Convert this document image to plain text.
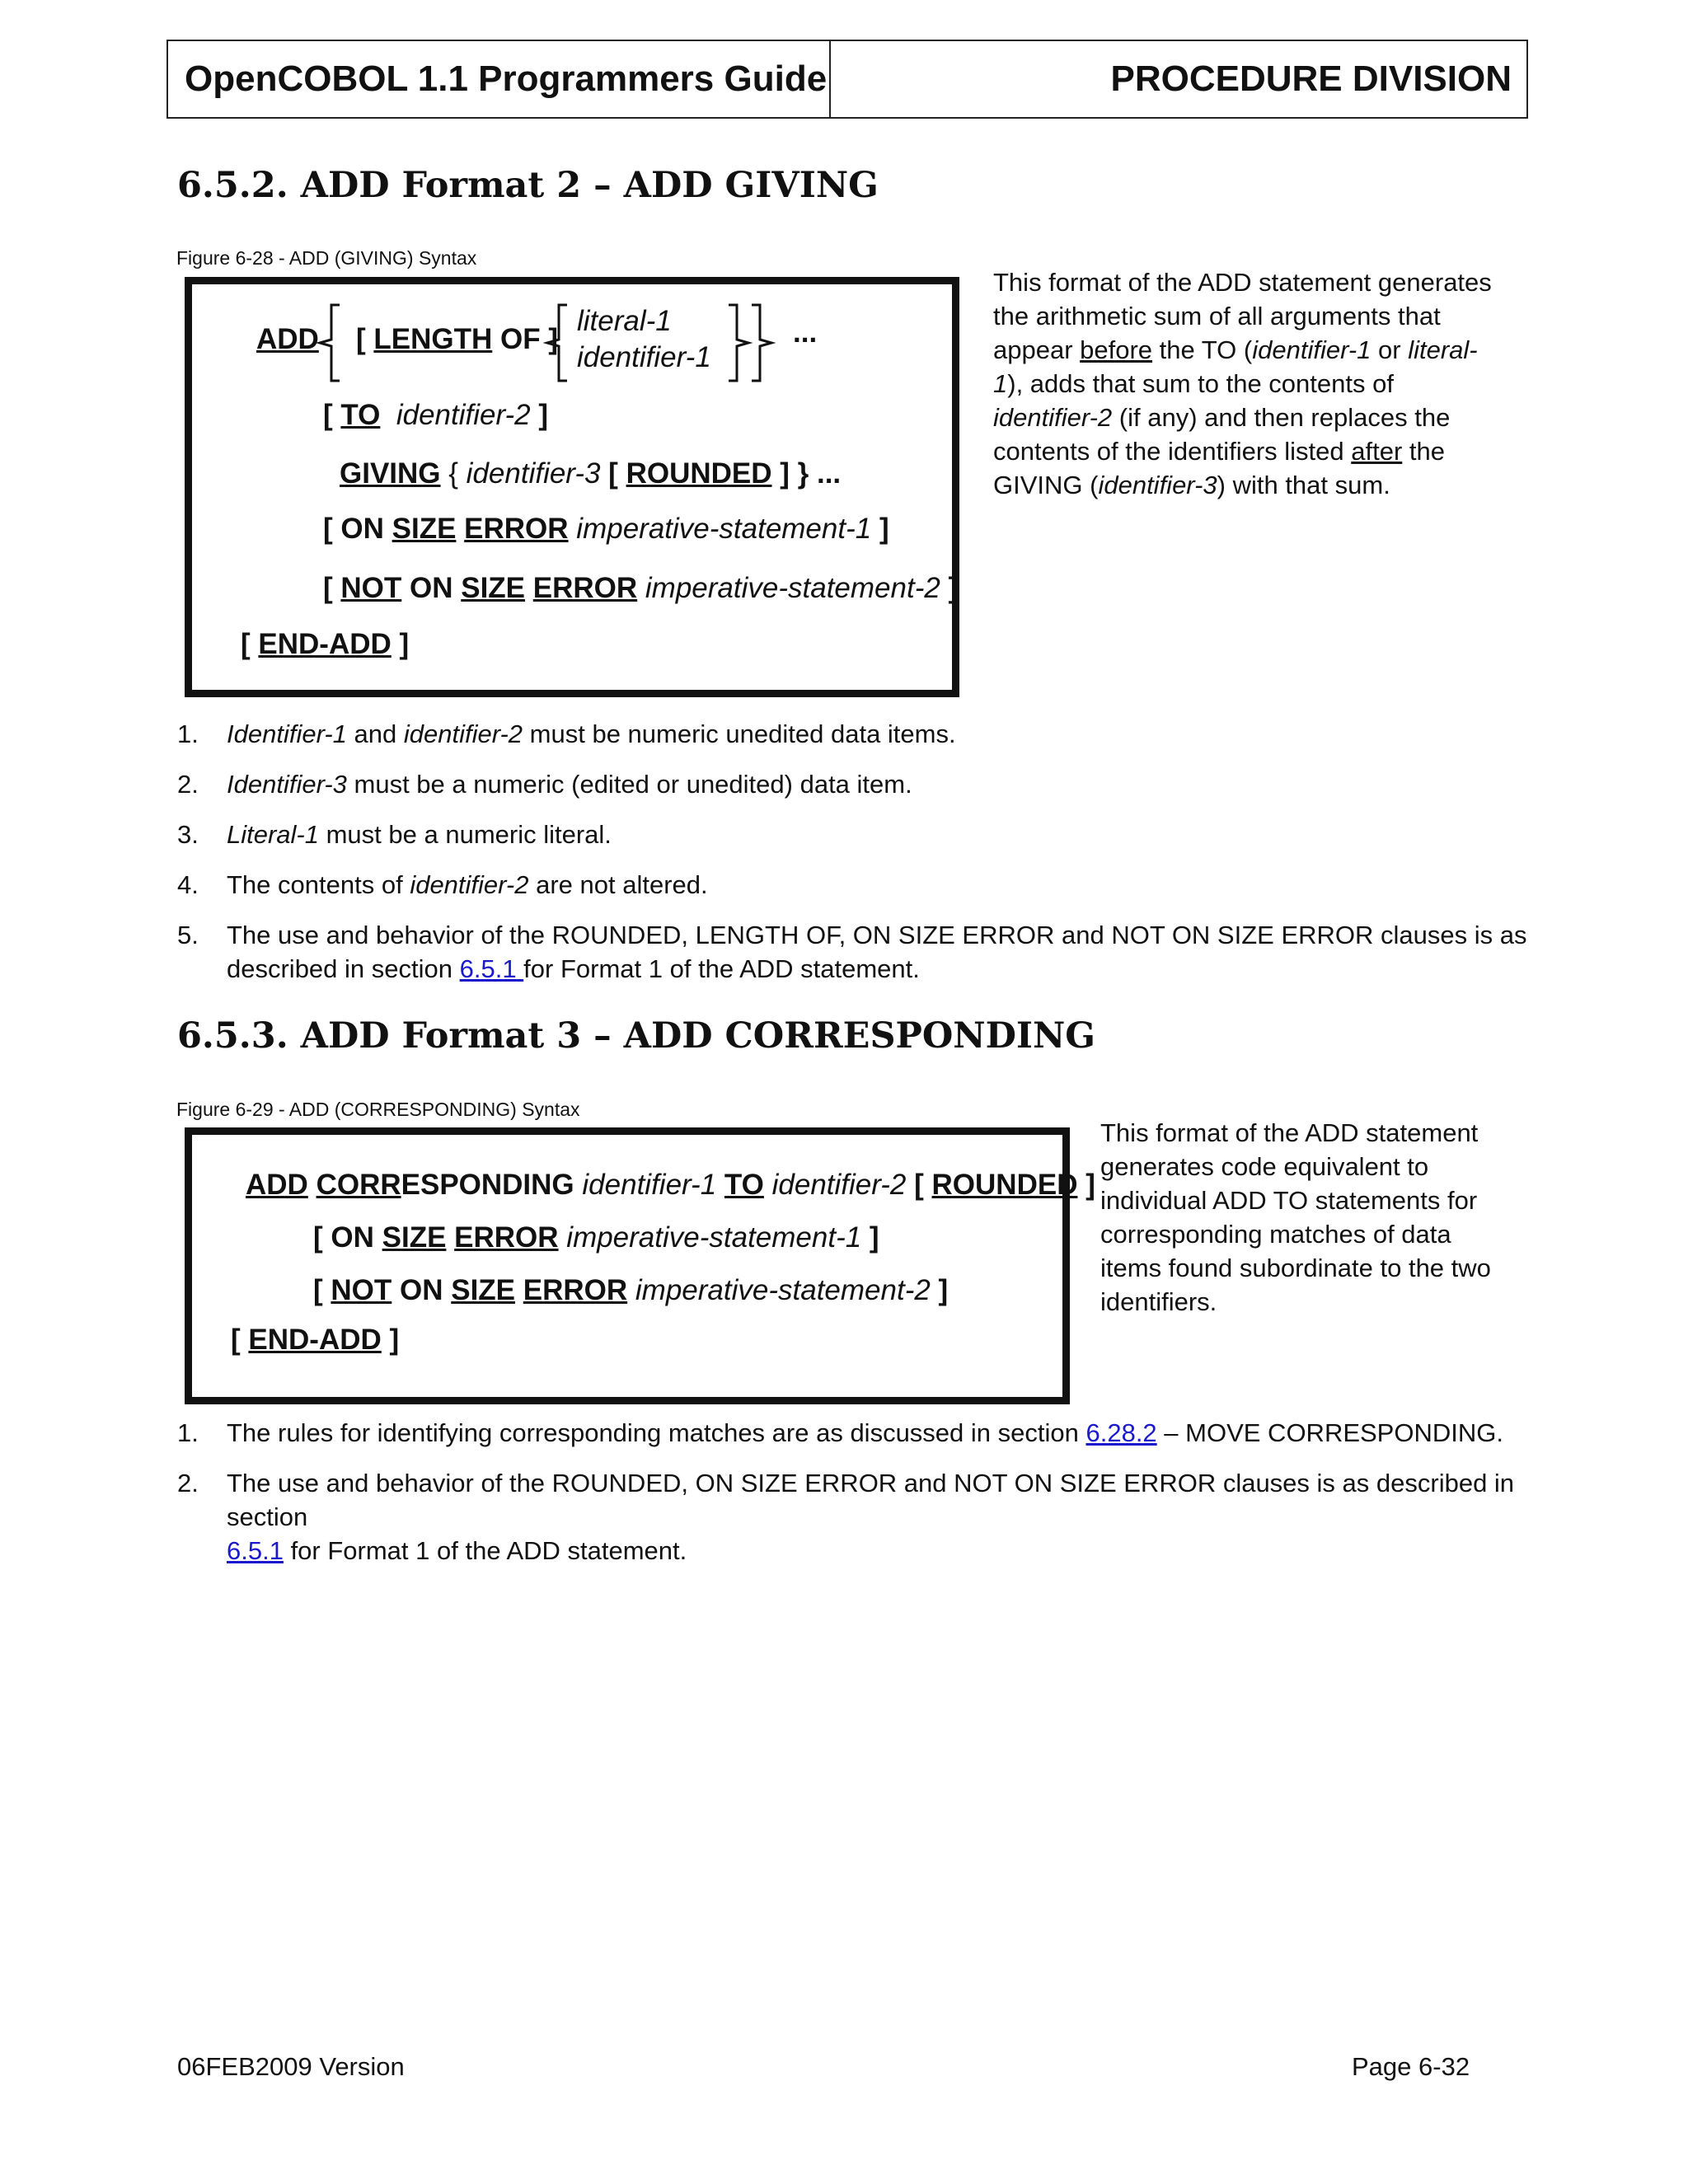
OpenCOBOL 1.1 Programmers Guide	PROCEDURE DIVISION
6.5.2. ADD Format 2 – ADD GIVING
Figure 6-28 - ADD (GIVING) Syntax
ADD [ LENGTH OF ]
literal-1
identifier-1
...
[ TO identifier-2 ]
GIVING { identifier-3 [ ROUNDED ] } ...
[ ON SIZE ERROR imperative-statement-1 ]
[ NOT ON SIZE ERROR imperative-statement-2 ]
[ END-ADD ]
This format of the ADD statement generates
the arithmetic sum of all arguments that
appear before the TO (identifier-1 or literal-
1), adds that sum to the contents of
identifier-2 (if any) and then replaces the
contents of the identifiers listed after the
GIVING (identifier-3) with that sum.
1. Identifier-1 and identifier-2 must be numeric unedited data items.
2. Identifier-3 must be a numeric (edited or unedited) data item.
3. Literal-1 must be a numeric literal.
4. The contents of identifier-2 are not altered.
5. The use and behavior of the ROUNDED, LENGTH OF, ON SIZE ERROR and NOT ON SIZE ERROR clauses is as
described in section 6.5.1 for Format 1 of the ADD statement.
6.5.3. ADD Format 3 – ADD CORRESPONDING
Figure 6-29 - ADD (CORRESPONDING) Syntax
ADD CORRESPONDING identifier-1 TO identifier-2 [ ROUNDED ]
[ ON SIZE ERROR imperative-statement-1 ]
[ NOT ON SIZE ERROR imperative-statement-2 ]
[ END-ADD ]
This format of the ADD statement
generates code equivalent to
individual ADD TO statements for
corresponding matches of data
items found subordinate to the two
identifiers.
1. The rules for identifying corresponding matches are as discussed in section 6.28.2 – MOVE CORRESPONDING.
2. The use and behavior of the ROUNDED, ON SIZE ERROR and NOT ON SIZE ERROR clauses is as described in section
6.5.1 for Format 1 of the ADD statement.
06FEB2009 Version	Page 6-32
